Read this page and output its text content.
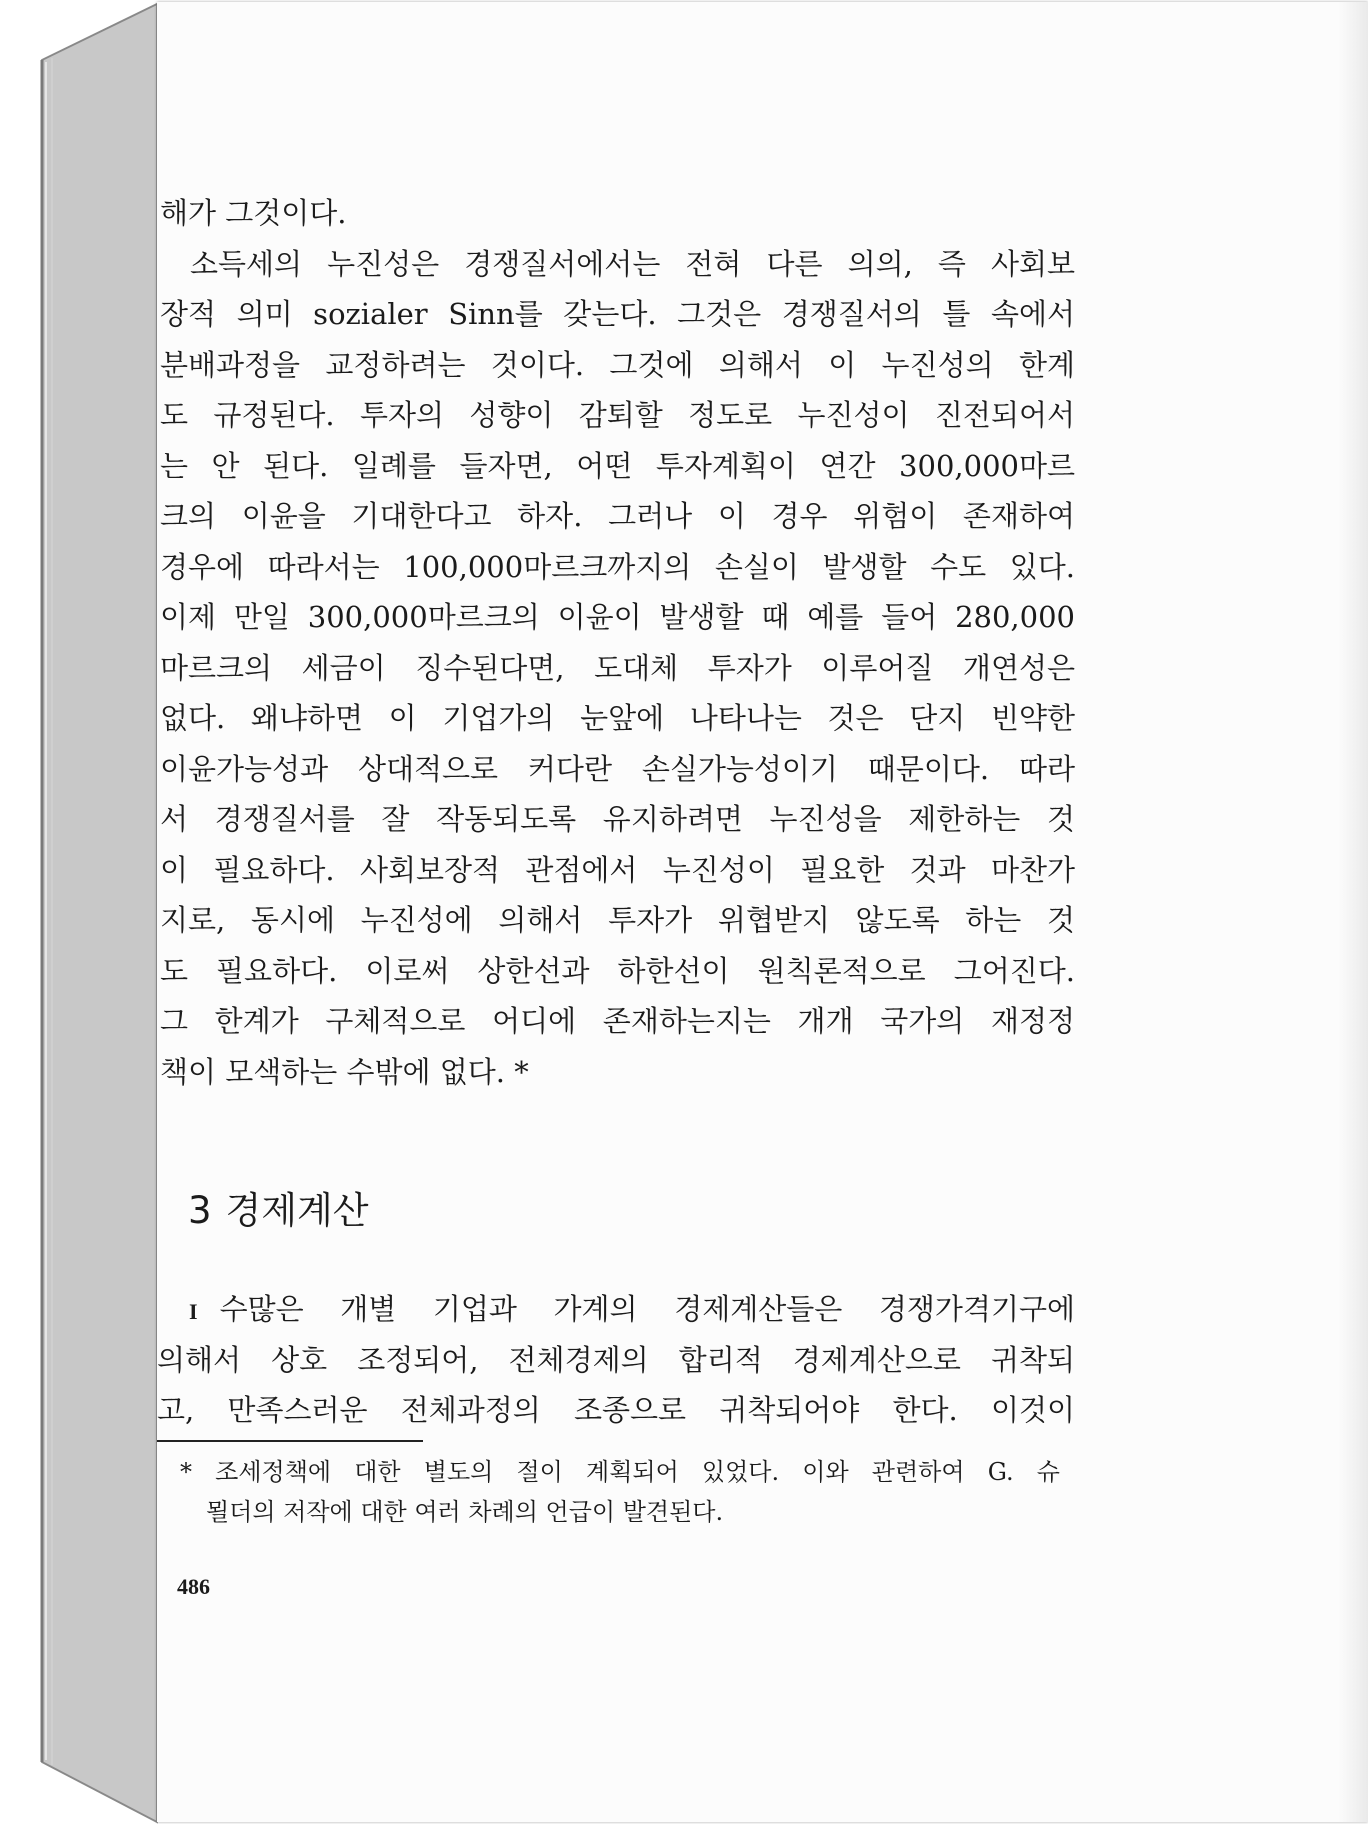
해가 그것이다.
소득세의 누진성은 경쟁질서에서는 전혀 다른 의의, 즉 사회보
장적 의미 sozialer Sinn를 갖는다. 그것은 경쟁질서의 틀 속에서
분배과정을 교정하려는 것이다. 그것에 의해서 이 누진성의 한계
도 규정된다. 투자의 성향이 감퇴할 정도로 누진성이 진전되어서
는 안 된다. 일례를 들자면, 어떤 투자계획이 연간 300,000마르
크의 이윤을 기대한다고 하자. 그러나 이 경우 위험이 존재하여
경우에 따라서는 100,000마르크까지의 손실이 발생할 수도 있다.
이제 만일 300,000마르크의 이윤이 발생할 때 예를 들어 280,000
마르크의 세금이 징수된다면, 도대체 투자가 이루어질 개연성은
없다. 왜냐하면 이 기업가의 눈앞에 나타나는 것은 단지 빈약한
이윤가능성과 상대적으로 커다란 손실가능성이기 때문이다. 따라
서 경쟁질서를 잘 작동되도록 유지하려면 누진성을 제한하는 것
이 필요하다. 사회보장적 관점에서 누진성이 필요한 것과 마찬가
지로, 동시에 누진성에 의해서 투자가 위협받지 않도록 하는 것
도 필요하다. 이로써 상한선과 하한선이 원칙론적으로 그어진다.
그 한계가 구체적으로 어디에 존재하는지는 개개 국가의 재정정
책이 모색하는 수밖에 없다. *
3 경제계산
I 수많은 개별 기업과 가계의 경제계산들은 경쟁가격기구에
의해서 상호 조정되어, 전체경제의 합리적 경제계산으로 귀착되
고, 만족스러운 전체과정의 조종으로 귀착되어야 한다. 이것이
* 조세정책에 대한 별도의 절이 계획되어 있었다. 이와 관련하여 G. 슈
묄더의 저작에 대한 여러 차례의 언급이 발견된다.
486
